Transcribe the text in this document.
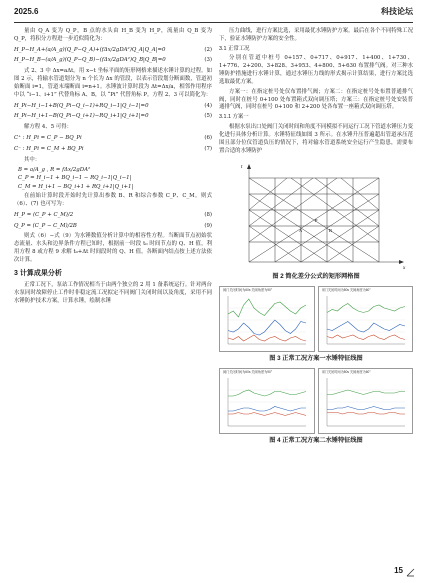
2025.6	科技论坛

量由 Q_A 变为 Q_P，B 点的水头由 H_B 变为 H_P，流量由 Q_B 变为 Q_P，将积分方程进一步近似简化为：

H_P−H_A+(a/A_g)(Q_P−Q_A)+(fΔx/2gDA²)Q_A|Q_A|=0	(2)
H_P−H_B−(a/A_g)(Q_P−Q_B)−(fΔx/2gDA²)Q_B|Q_B|=0	(3)

式 2、3 中 Δx=aΔt。用 x−t 坐标平面的矩形网格来描述水锤计算的过程。如图 2 示，将输水管道划分为 n 个长为 Δx 的管段，以表示管段划分断面数，管道初始断面 i=1，管道末端断面 i=n+1。水锤波计算时段为 Δt=Δx/a，相邻作用程序中以 “i−1、i+1” 代替角标 A、B，以 “Pi” 代替角标 P。方程 2、3 可以简化为：

H_Pi−H_i−1+B(Q_Pi−Q_i−1)+RQ_i−1|Q_i−1|=0	(4)
H_Pi−H_i+1−B(Q_Pi−Q_i+1)−RQ_i+1|Q_i+1|=0	(5)

解方程 4、5 可得：

C⁺ : H_Pi = C_P − BQ_Pi	(6)
C⁻ : H_Pi = C_M + BQ_Pi	(7)

其中：

B = a/A_g , R = fΔx/2gDA²
C_P = H_i−1 + BQ_i−1 − RQ_i−1|Q_i−1|
C_M = H_i+1 − BQ_i+1 + RQ_i+1|Q_i+1|

在前始计算时段开始时先计算出参数 B、R 和综合参数 C_P、C_M。则式（6）、(7) 也可写为：

H_P = (C_P + C_M)/2	(8)
Q_P = (C_P − C_M)/2B	(9)

则式（6）−式（9）为水锤数值分析计算中的相容性方程。当断面节点初始状态流量、水头和边界条件方程已知时，根据前一时段 t₀ 时间节点的 Q、H 值，利用方程 8 或方程 9 求解 t₀+Δt 时间段时的 Q、H 值。各断面内结点按上述方法依次计算。

3 计算成果分析

正常工况下，泵站工作情况相当于由两个独立的 2 用 1 备系统运行。针对两台水泵同时故障停止工作时非稳定流工况拟定不同阀门关闭时间以及角度，采用不同水锤防护技术方案，计算水锤，绘制水锤

压力曲线，进行方案比选，采用最优水锤防护方案。最后在各个不同特殊工况下，验证水锤防护方案的安全性。

3.1 正常工况

分别在管道中桩号 0+157、0+717、0+917、1+400、1+730、1+776、2+200、3+828、3+953、4+800、5+630 布置排气阀。对三种水锤防护措施进行水锤计算，通过水锤压力线的形式揭示计算结果，进行方案比选选取最优方案。

方案一：在指定桩号处仅布置排气阀；方案二：在指定桩号处布置普通排气阀，同时在桩号 0+100 处布置箱式双向调压塔；方案三：在指定桩号处安装普通排气阀，同时在桩号 0+100 和 2+200 处各布置一座箱式双向调压塔。

3.1.1 方案一

根据水泵出口处阀门关闭时间和角度不同模拟不同运行工况下管道水锤压力变化进行具体分析计算。水锤特征线如图 3 所示。在水锤升压普遍超出管道承压范围且部分位仪管道负压的情况下，将对输水管道系统安全运行产生隐患，需要布置合适的水锤防护

t
x
A	B
P
图 2 简化差分公式的矩形网格图
阀门关闭时间为60s 关阀角度为90°	阀门关闭时间为80s 关阀角度为60°
图 3 正常工况方案一水锤特征线图
阀门关闭时间为60s 关阀角度为90°	阀门关闭时间为80s 关阀角度为60°
图 4 正常工况方案二水锤特征线图
15
